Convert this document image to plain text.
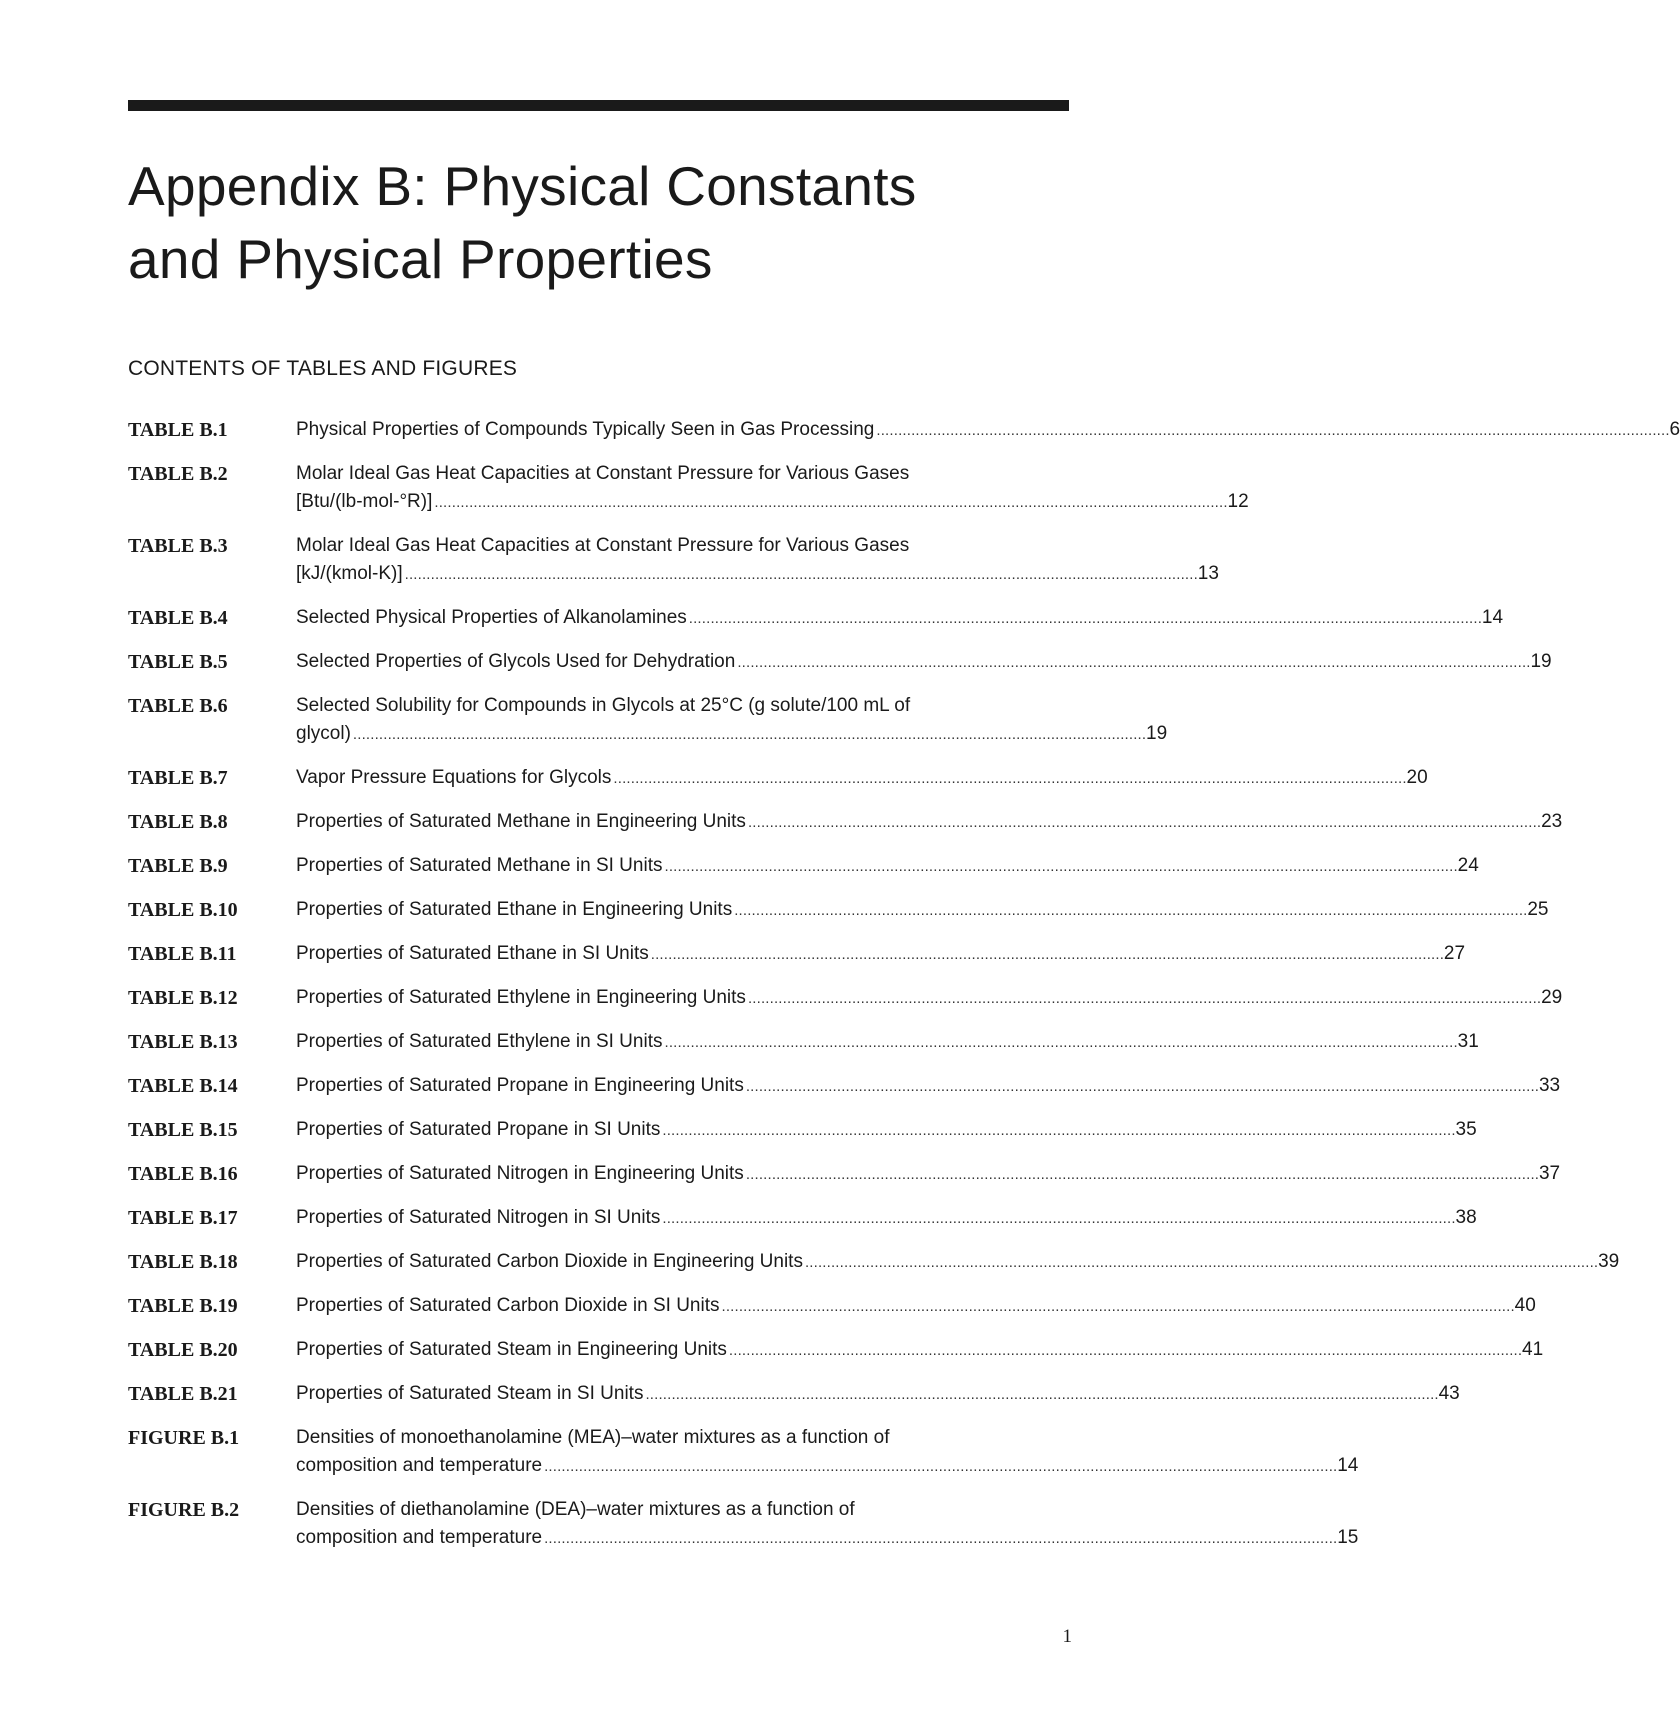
Appendix B: Physical Constants
and Physical Properties
CONTENTS OF TABLES AND FIGURES
TABLE B.1	Physical Properties of Compounds Typically Seen in Gas Processing . . .	6
TABLE B.2	Molar Ideal Gas Heat Capacities at Constant Pressure for Various Gases
[Btu/(lb-mol-°R)] . . .	12
TABLE B.3	Molar Ideal Gas Heat Capacities at Constant Pressure for Various Gases
[kJ/(kmol-K)] . . .	13
TABLE B.4	Selected Physical Properties of Alkanolamines . . .	14
TABLE B.5	Selected Properties of Glycols Used for Dehydration . . .	19
TABLE B.6	Selected Solubility for Compounds in Glycols at 25°C (g solute/100 mL of
glycol) . . .	19
TABLE B.7	Vapor Pressure Equations for Glycols . . .	20
TABLE B.8	Properties of Saturated Methane in Engineering Units . . .	23
TABLE B.9	Properties of Saturated Methane in SI Units . . .	24
TABLE B.10	Properties of Saturated Ethane in Engineering Units . . .	25
TABLE B.11	Properties of Saturated Ethane in SI Units . . .	27
TABLE B.12	Properties of Saturated Ethylene in Engineering Units . . .	29
TABLE B.13	Properties of Saturated Ethylene in SI Units . . .	31
TABLE B.14	Properties of Saturated Propane in Engineering Units . . .	33
TABLE B.15	Properties of Saturated Propane in SI Units . . .	35
TABLE B.16	Properties of Saturated Nitrogen in Engineering Units . . .	37
TABLE B.17	Properties of Saturated Nitrogen in SI Units . . .	38
TABLE B.18	Properties of Saturated Carbon Dioxide in Engineering Units . . .	39
TABLE B.19	Properties of Saturated Carbon Dioxide in SI Units . . .	40
TABLE B.20	Properties of Saturated Steam in Engineering Units . . .	41
TABLE B.21	Properties of Saturated Steam in SI Units . . .	43
FIGURE B.1	Densities of monoethanolamine (MEA)–water mixtures as a function of
composition and temperature . . .	14
FIGURE B.2	Densities of diethanolamine (DEA)–water mixtures as a function of
composition and temperature . . .	15
1
